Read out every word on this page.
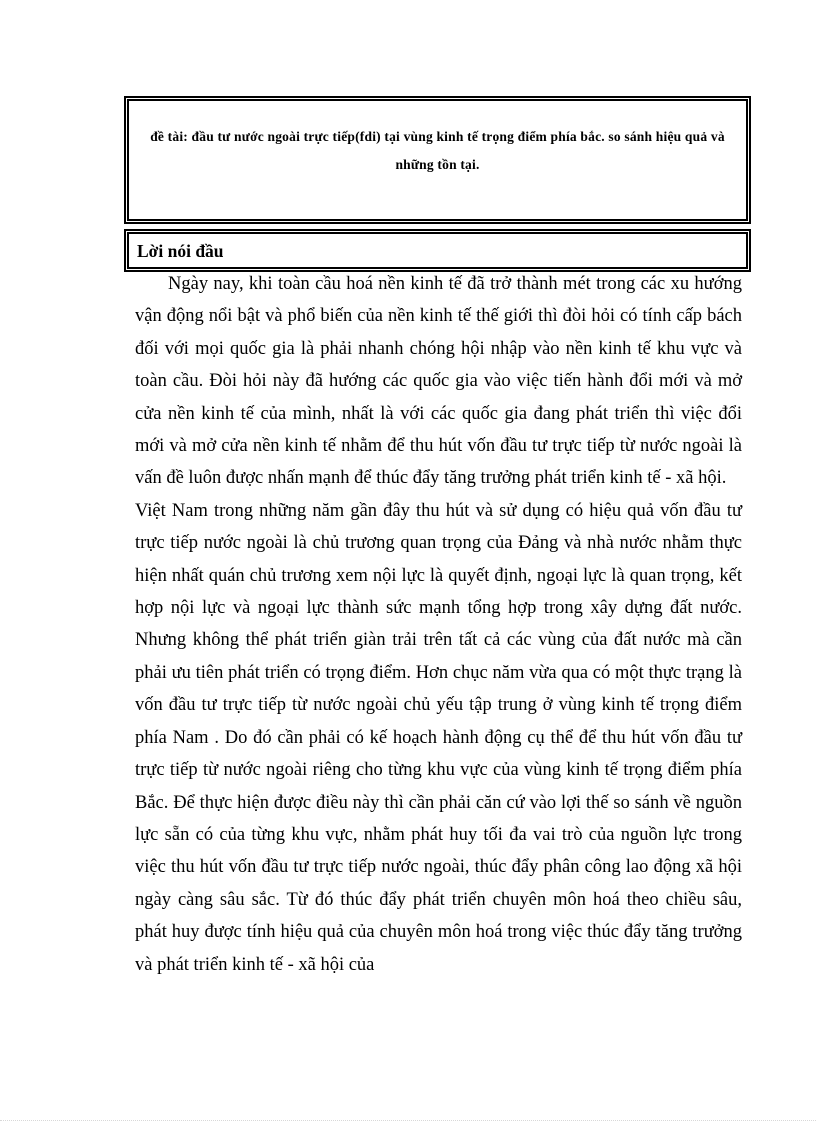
đề tài: đầu tư nước ngoài trực tiếp(fdi) tại vùng kinh tế trọng điểm phía bắc. so sánh hiệu quả và những tồn tại.
Lời nói đầu

Ngày nay, khi toàn cầu hoá nền kinh tế đã trở thành mét trong các xu hướng vận động nổi bật và phổ biến của nền kinh tế thế giới thì đòi hỏi có tính cấp bách đối với mọi quốc gia là phải nhanh chóng hội nhập vào nền kinh tế khu vực và toàn cầu. Đòi hỏi này đã hướng các quốc gia vào việc tiến hành đổi mới và mở cửa nền kinh tế của mình, nhất là với các quốc gia đang phát triển thì việc đổi mới và mở cửa nền kinh tế nhằm để thu hút vốn đầu tư trực tiếp từ nước ngoài là vấn đề luôn được nhấn mạnh để thúc đẩy tăng trưởng phát triển kinh tế - xã hội.

Việt Nam trong những năm gần đây thu hút và sử dụng có hiệu quả vốn đầu tư trực tiếp nước ngoài là chủ trương quan trọng của Đảng và nhà nước nhằm thực hiện nhất quán chủ trương xem nội lực là quyết định, ngoại lực là quan trọng, kết hợp nội lực và ngoại lực thành sức mạnh tổng hợp trong xây dựng đất nước. Nhưng không thể phát triển giàn trải trên tất cả các vùng của đất nước mà cần phải ưu tiên phát triển có trọng điểm. Hơn chục năm vừa qua có một thực trạng là vốn đầu tư trực tiếp từ nước ngoài chủ yếu tập trung ở vùng kinh tế trọng điểm phía Nam . Do đó cần phải có kế hoạch hành động cụ thể để thu hút vốn đầu tư trực tiếp từ nước ngoài riêng cho từng khu vực của vùng kinh tế trọng điểm phía Bắc. Để thực hiện được điều này thì cần phải căn cứ vào lợi thế so sánh về nguồn lực sẵn có của từng khu vực, nhằm phát huy tối đa vai trò của nguồn lực trong việc thu hút vốn đầu tư trực tiếp nước ngoài, thúc đẩy phân công lao động xã hội ngày càng sâu sắc. Từ đó thúc đẩy phát triển chuyên môn hoá theo chiều sâu, phát huy được tính hiệu quả của chuyên môn hoá trong việc thúc đẩy tăng trưởng và phát triển kinh tế - xã hội của
